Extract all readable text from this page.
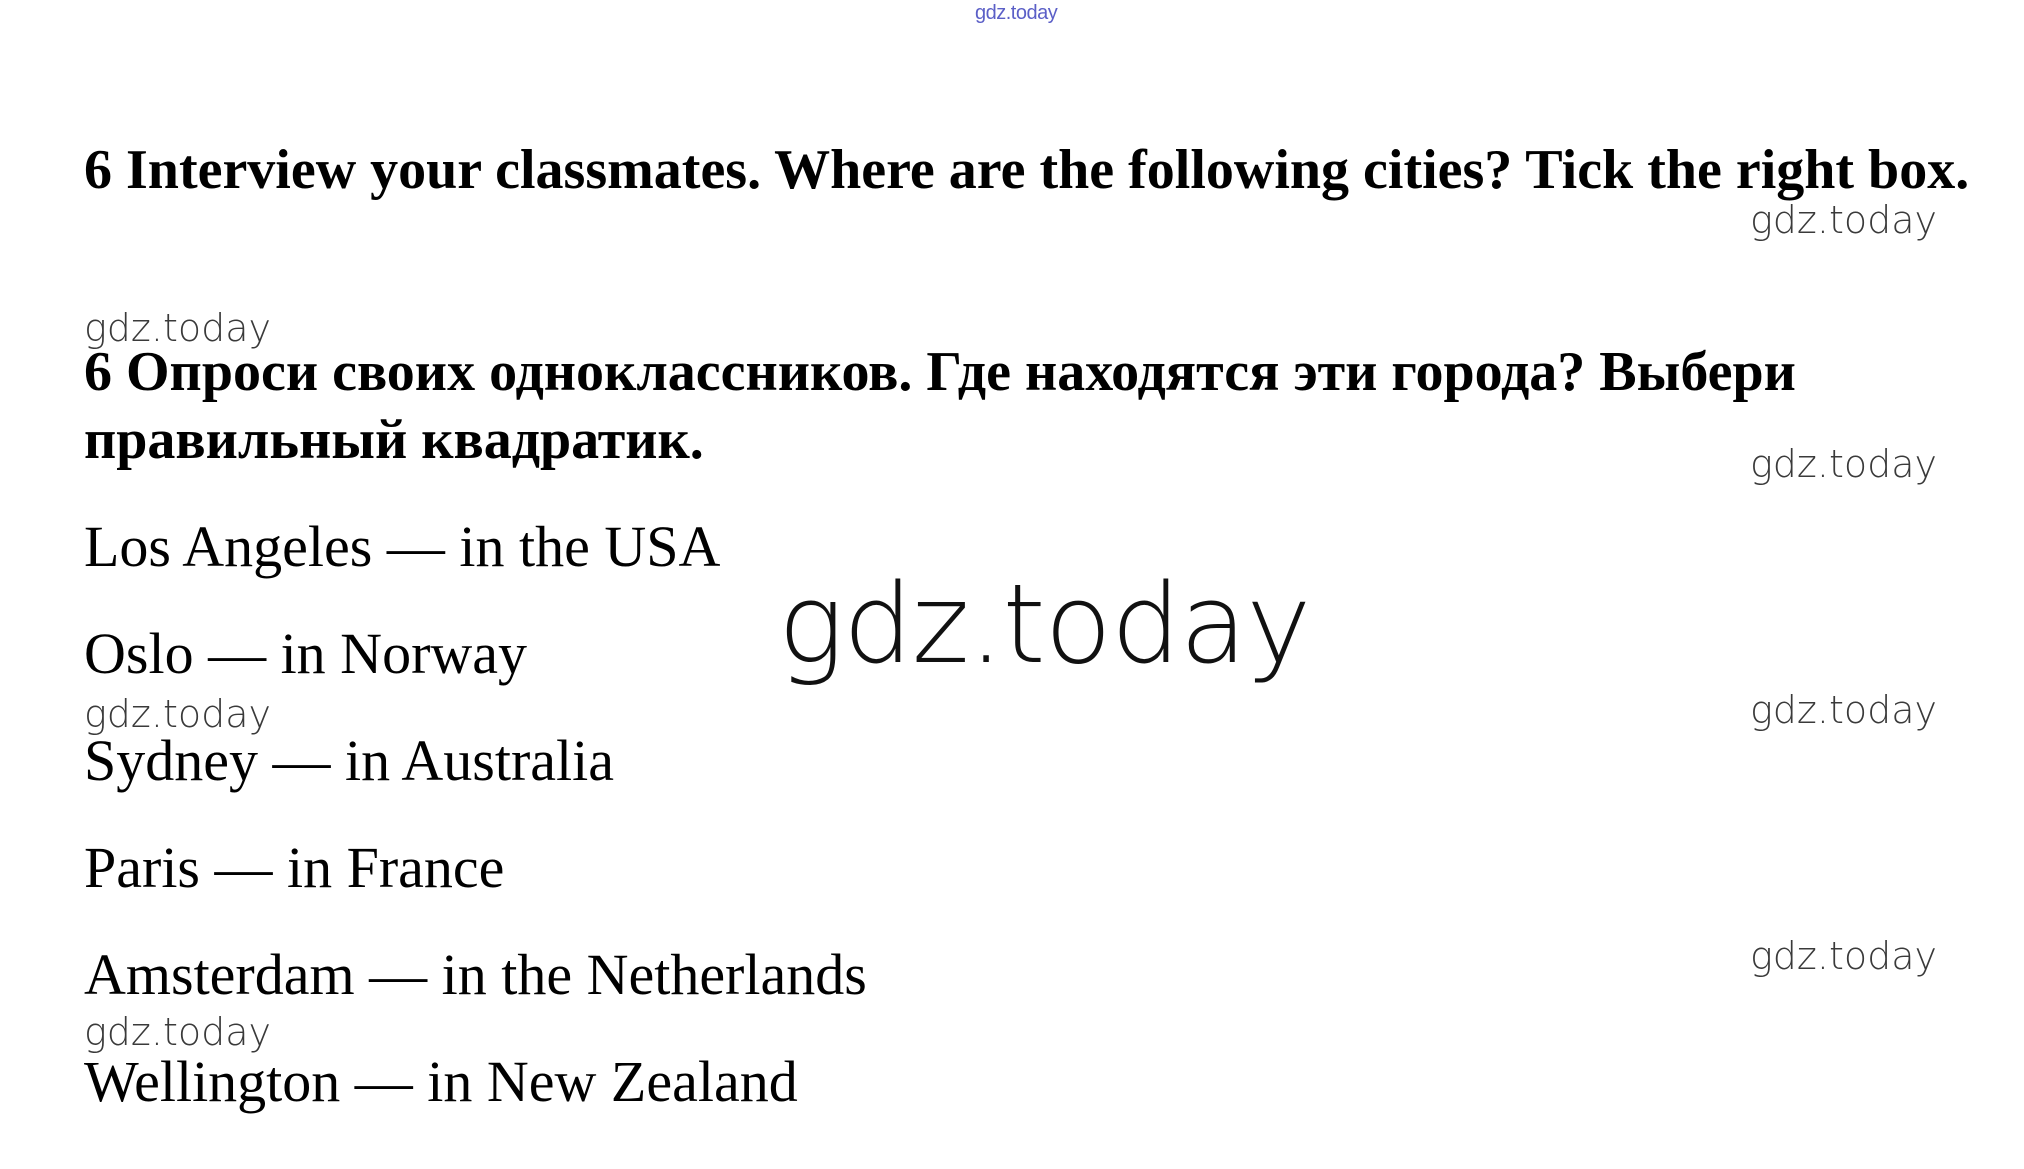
gdz.today
6 Interview your classmates. Where are the following cities? Tick the right box.
gdz.today
gdz.today
6 Опроси своих одноклассников. Где находятся эти города? Выбери правильный квадратик.	gdz.today
Los Angeles — in the USA
Oslo — in Norway
Sydney — in Australia
Paris — in France
Amsterdam — in the Netherlands
Wellington — in New Zealand
gdz.today
gdz.today	gdz.today
gdz.today
gdz.today
